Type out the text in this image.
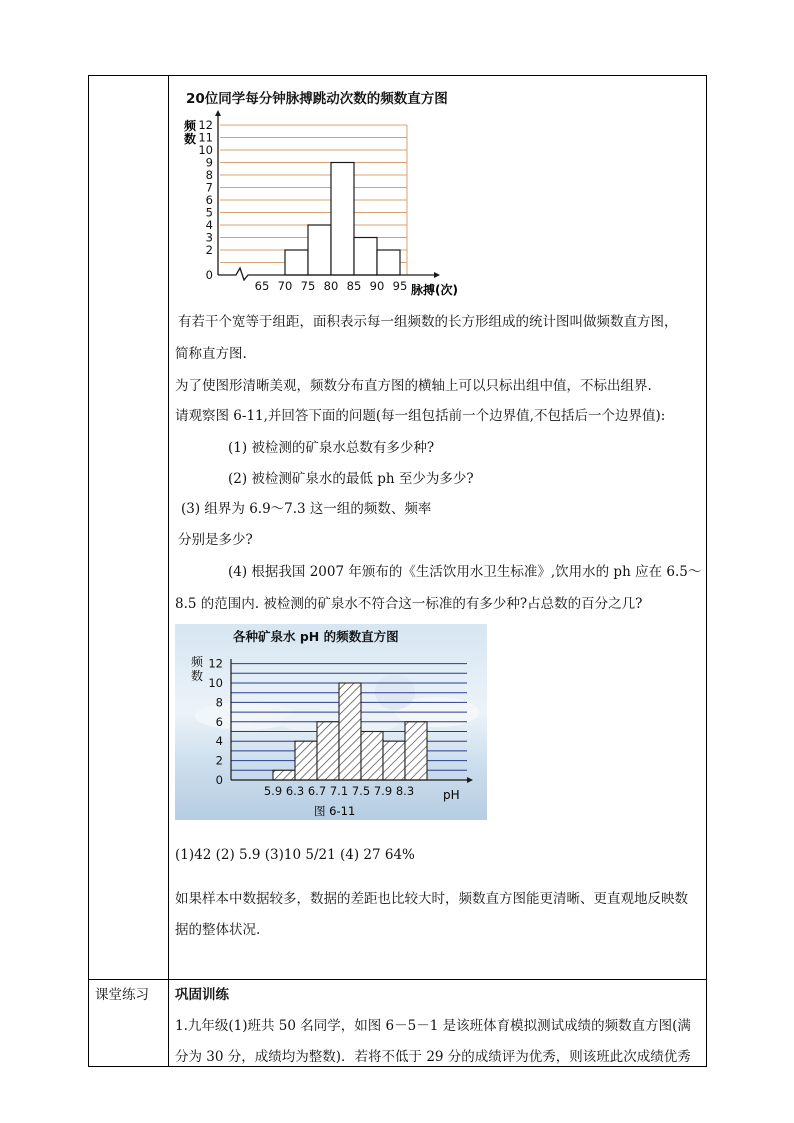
20位同学每分钟脉搏跳动次数的频数直方图
频
数
脉搏(次)
0
2
3
4
5
6
7
8
9
10
11
12
65 70 75 80 85 90 95
有若干个宽等于组距，面积表示每一组频数的长方形组成的统计图叫做频数直方图，
简称直方图.
为了使图形清晰美观，频数分布直方图的横轴上可以只标出组中值，不标出组界.
请观察图 6-11,并回答下面的问题(每一组包括前一个边界值,不包括后一个边界值):
(1) 被检测的矿泉水总数有多少种?
(2) 被检测矿泉水的最低 ph 至少为多少?
(3) 组界为 6.9～7.3 这一组的频数、频率
分别是多少?
(4) 根据我国 2007 年颁布的《生活饮用水卫生标准》,饮用水的 ph 应在 6.5～
8.5 的范围内. 被检测的矿泉水不符合这一标准的有多少种?占总数的百分之几?
各种矿泉水 pH 的频数直方图
频
数
pH
图 6-11
0
2
4
6
8
10
12
5.9 6.3 6.7 7.1 7.5 7.9 8.3
(1)42 (2) 5.9 (3)10 5/21 (4) 27 64%
如果样本中数据较多，数据的差距也比较大时，频数直方图能更清晰、更直观地反映数
据的整体状况.
课堂练习 巩固训练
1.九年级(1)班共 50 名同学，如图 6－5－1 是该班体育模拟测试成绩的频数直方图(满
分为 30 分，成绩均为整数)．若将不低于 29 分的成绩评为优秀，则该班此次成绩优秀
